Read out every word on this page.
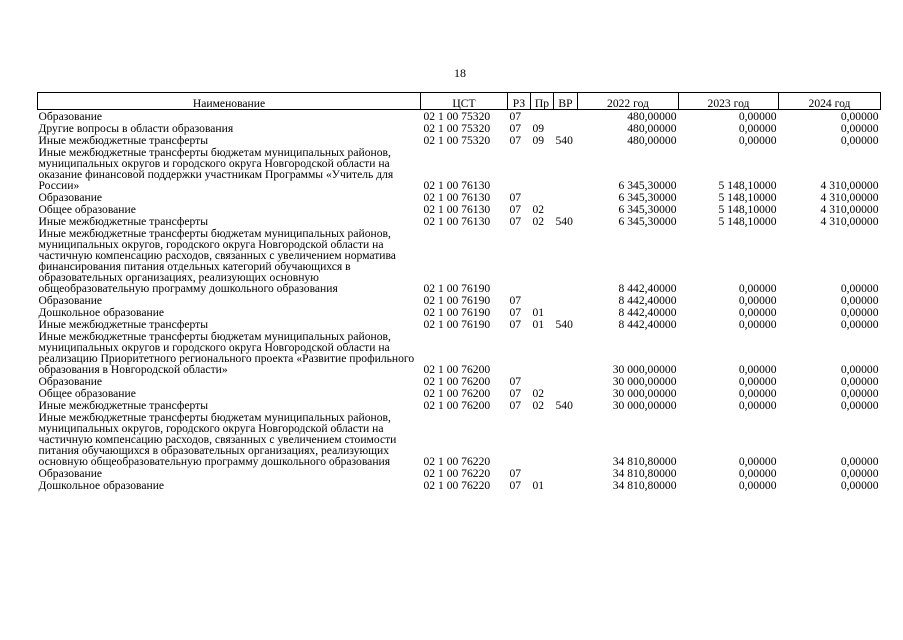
18
Наименование	ЦСТ	РЗ	Пр	ВР	2022 год	2023 год	2024 год
Образование	02 1 00 75320	07			480,00000	0,00000	0,00000
Другие вопросы в области образования	02 1 00 75320	07	09		480,00000	0,00000	0,00000
Иные межбюджетные трансферты	02 1 00 75320	07	09	540	480,00000	0,00000	0,00000
Иные межбюджетные трансферты бюджетам муниципальных районов, муниципальных округов и городского округа Новгородской области на оказание финансовой поддержки участникам Программы «Учитель для России»	02 1 00 76130				6 345,30000	5 148,10000	4 310,00000
Образование	02 1 00 76130	07			6 345,30000	5 148,10000	4 310,00000
Общее образование	02 1 00 76130	07	02		6 345,30000	5 148,10000	4 310,00000
Иные межбюджетные трансферты	02 1 00 76130	07	02	540	6 345,30000	5 148,10000	4 310,00000
Иные межбюджетные трансферты бюджетам муниципальных районов, муниципальных округов, городского округа Новгородской области на частичную компенсацию расходов, связанных с увеличением норматива финансирования питания отдельных категорий обучающихся в образовательных организациях, реализующих основную общеобразовательную программу дошкольного образования	02 1 00 76190				8 442,40000	0,00000	0,00000
Образование	02 1 00 76190	07			8 442,40000	0,00000	0,00000
Дошкольное образование	02 1 00 76190	07	01		8 442,40000	0,00000	0,00000
Иные межбюджетные трансферты	02 1 00 76190	07	01	540	8 442,40000	0,00000	0,00000
Иные межбюджетные трансферты бюджетам муниципальных районов, муниципальных округов и городского округа Новгородской области на реализацию Приоритетного регионального проекта «Развитие профильного образования в Новгородской области»	02 1 00 76200				30 000,00000	0,00000	0,00000
Образование	02 1 00 76200	07			30 000,00000	0,00000	0,00000
Общее образование	02 1 00 76200	07	02		30 000,00000	0,00000	0,00000
Иные межбюджетные трансферты	02 1 00 76200	07	02	540	30 000,00000	0,00000	0,00000
Иные межбюджетные трансферты бюджетам муниципальных районов, муниципальных округов, городского округа Новгородской области на частичную компенсацию расходов, связанных с увеличением стоимости питания обучающихся в образовательных организациях, реализующих основную общеобразовательную программу дошкольного образования	02 1 00 76220				34 810,80000	0,00000	0,00000
Образование	02 1 00 76220	07			34 810,80000	0,00000	0,00000
Дошкольное образование	02 1 00 76220	07	01		34 810,80000	0,00000	0,00000
